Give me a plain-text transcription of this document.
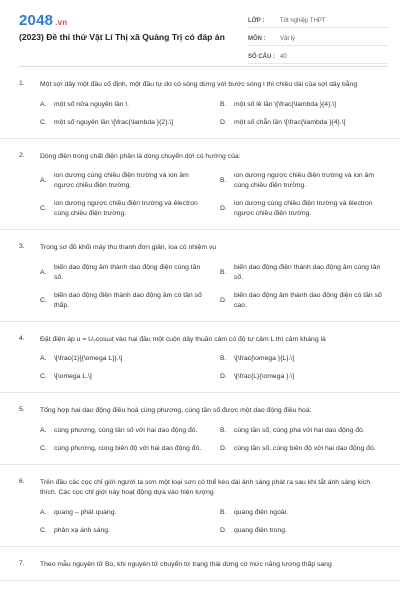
2048 .vn
(2023) Đề thi thử Vật Lí Thị xã Quảng Trị có đáp án
LỚP :	Tốt nghiệp THPT
MÔN :	Vật lý
SỐ CÂU : 40
1. Một sợi dây một đầu cố định, một đầu tự do có sóng dừng với bước sóng l thì chiều dài của sợi dây bằng
A.	một số nửa nguyên lần l.	B.	một số lẻ lần \[\frac{\lambda }{4}.\]
C.	một số nguyên lần \[\frac{\lambda }{2}.\]	D.	một số chẵn lần \[\frac{\lambda }{4}.\]
2. Dòng điện trong chất điện phân là dòng chuyển dời có hướng của:
A.
ion dương cùng chiều điện trường và ion âm ngược chiều điện trường.
B.
ion dương ngược chiều điện trường và ion âm cùng chiều điện trường.
C.
ion dương ngược chiều điện trường và êlectron cùng chiều điện trường.
D.
ion dương cùng chiều điện trường và êlectron ngược chiều điện trường.
3. Trong sơ đồ khối máy thu thanh đơn giản, loa có nhiệm vụ
A.
biến dao động âm thành dao động điện cùng tần số.
B.
biến dao động điện thành dao động âm cùng tần số.
C.
biến dao động điện thành dao động âm có tần số thấp.
D.
biến dao động âm thành dao động điện có tần số cao.
4. Đặt điện áp u = U₀cosωt vào hai đầu một cuộn dây thuần cảm có độ tự cảm L thì cảm kháng là
A.	\[\frac{1}{{\omega L}}.\]	B.	\[\frac{\omega }{L}.\]
C.	\[\omega L.\]	D.	\[\frac{L}{\omega }.\]
5. Tổng hợp hai dao động điều hoà cùng phương, cùng tần số được một dao động điều hoà:
A.	cùng phương, cùng tần số với hai dao động đó.	B.	cùng tần số, cùng pha với hai dao động đó.
C.	cùng phương, cùng biên độ với hai dao động đó.	D.	cùng tần số, cùng biên độ với hai dao động đó.
6. Trên đầu các cọc chỉ giới người ta sơn một loại sơn có thể kéo dài ánh sáng phát ra sau khi tắt ánh sáng kích thích. Các cọc chỉ giới này hoạt động dựa vào hiện tượng
A.	quang – phát quang.	B.	quang điện ngoài.
C.	phản xạ ánh sáng.	D.	quang điện trong.
7. Theo mẫu nguyên tử Bo, khi nguyên tử chuyển từ trạng thái dừng có mức năng lượng thấp sang
